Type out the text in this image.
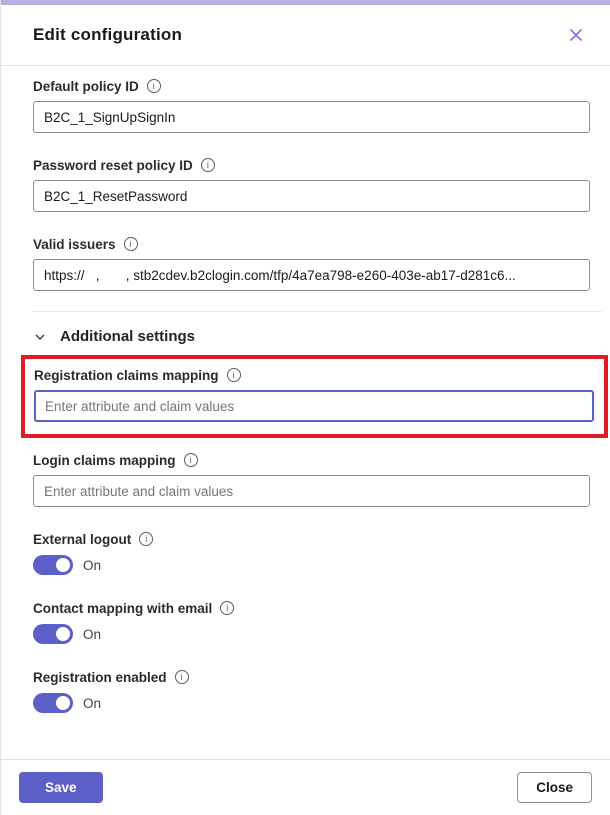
Edit configuration
Default policy ID
i
B2C_1_SignUpSignIn
Password reset policy ID
i
B2C_1_ResetPassword
Valid issuers
i
https:// , , stb2cdev.b2clogin.com/tfp/4a7ea798-e260-403e-ab17-d281c6...
Additional settings
Registration claims mapping
i
Enter attribute and claim values
Login claims mapping
i
Enter attribute and claim values
External logout
i
On
Contact mapping with email
i
On
Registration enabled
i
On
Save	Close
